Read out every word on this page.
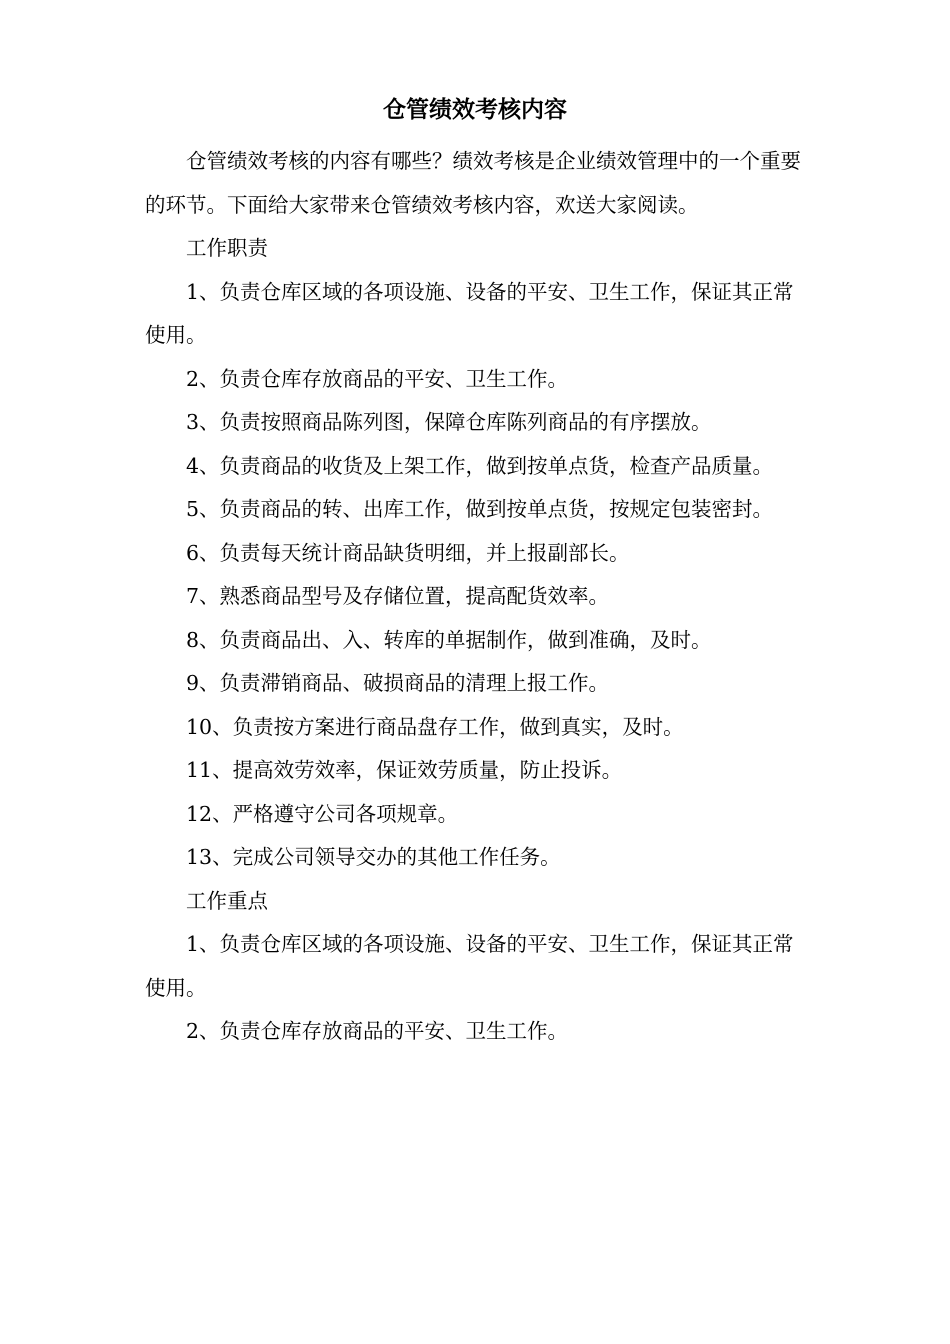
仓管绩效考核内容

仓管绩效考核的内容有哪些？绩效考核是企业绩效管理中的一个重要的环节。下面给大家带来仓管绩效考核内容，欢送大家阅读。

工作职责

1、负责仓库区域的各项设施、设备的平安、卫生工作，保证其正常使用。

2、负责仓库存放商品的平安、卫生工作。

3、负责按照商品陈列图，保障仓库陈列商品的有序摆放。

4、负责商品的收货及上架工作，做到按单点货，检查产品质量。

5、负责商品的转、出库工作，做到按单点货，按规定包装密封。

6、负责每天统计商品缺货明细，并上报副部长。

7、熟悉商品型号及存储位置，提高配货效率。

8、负责商品出、入、转库的单据制作，做到准确，及时。

9、负责滞销商品、破损商品的清理上报工作。

10、负责按方案进行商品盘存工作，做到真实，及时。

11、提高效劳效率，保证效劳质量，防止投诉。

12、严格遵守公司各项规章。

13、完成公司领导交办的其他工作任务。

工作重点

1、负责仓库区域的各项设施、设备的平安、卫生工作，保证其正常使用。

2、负责仓库存放商品的平安、卫生工作。
